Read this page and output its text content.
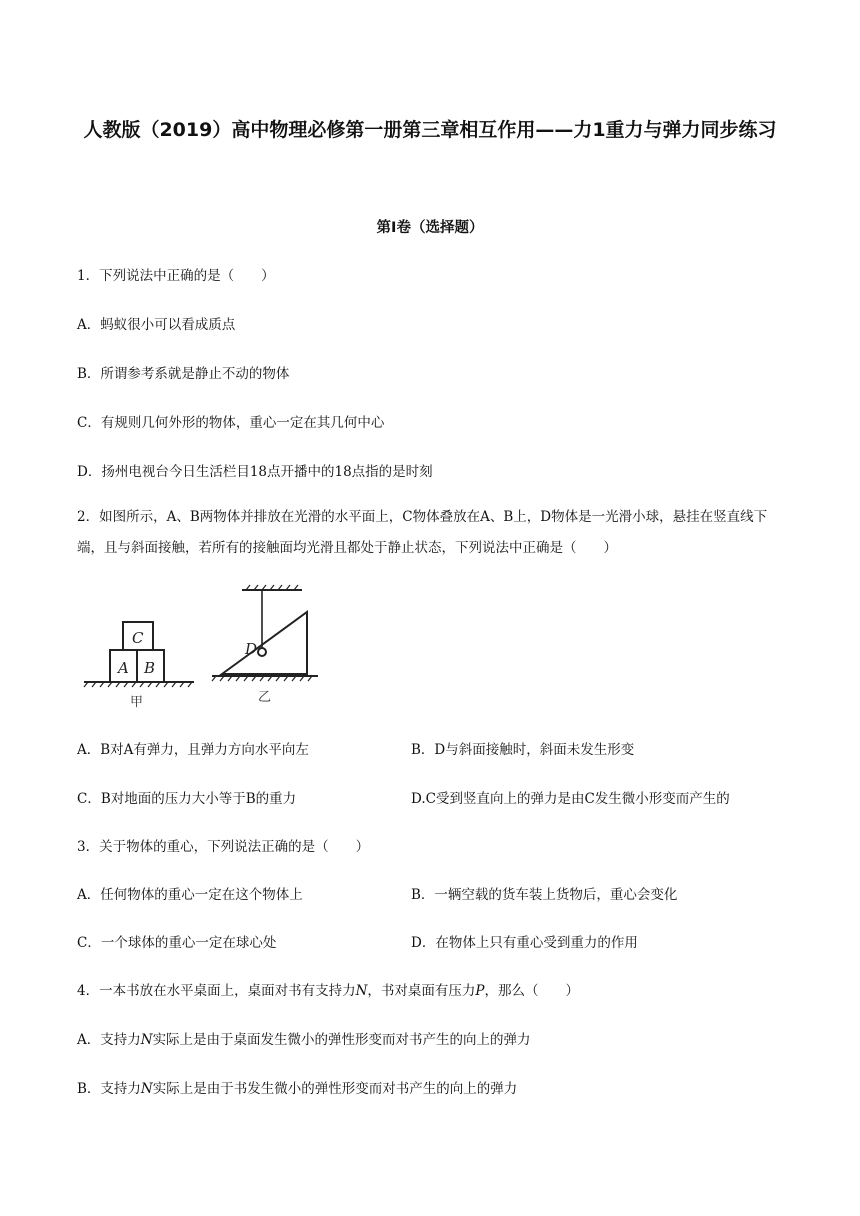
人教版（2019）高中物理必修第一册第三章相互作用——力1重力与弹力同步练习
第I卷（选择题）
1．下列说法中正确的是（　　）
A．蚂蚁很小可以看成质点
B．所谓参考系就是静止不动的物体
C．有规则几何外形的物体，重心一定在其几何中心
D．扬州电视台今日生活栏目18点开播中的18点指的是时刻
2．如图所示，A、B两物体并排放在光滑的水平面上，C物体叠放在A、B上，D物体是一光滑小球，悬挂在竖直线下端，且与斜面接触，若所有的接触面均光滑且都处于静止状态，下列说法中正确是（　　）
A B
C
甲
D
乙
A．B对A有弹力，且弹力方向水平向左	B．D与斜面接触时，斜面未发生形变
C．B对地面的压力大小等于B的重力	D.C受到竖直向上的弹力是由C发生微小形变而产生的
3．关于物体的重心，下列说法正确的是（　　）
A．任何物体的重心一定在这个物体上	B．一辆空载的货车装上货物后，重心会变化
C．一个球体的重心一定在球心处	D．在物体上只有重心受到重力的作用
4．一本书放在水平桌面上，桌面对书有支持力N，书对桌面有压力P，那么（　　）
A．支持力N实际上是由于桌面发生微小的弹性形变而对书产生的向上的弹力
B．支持力N实际上是由于书发生微小的弹性形变而对书产生的向上的弹力
